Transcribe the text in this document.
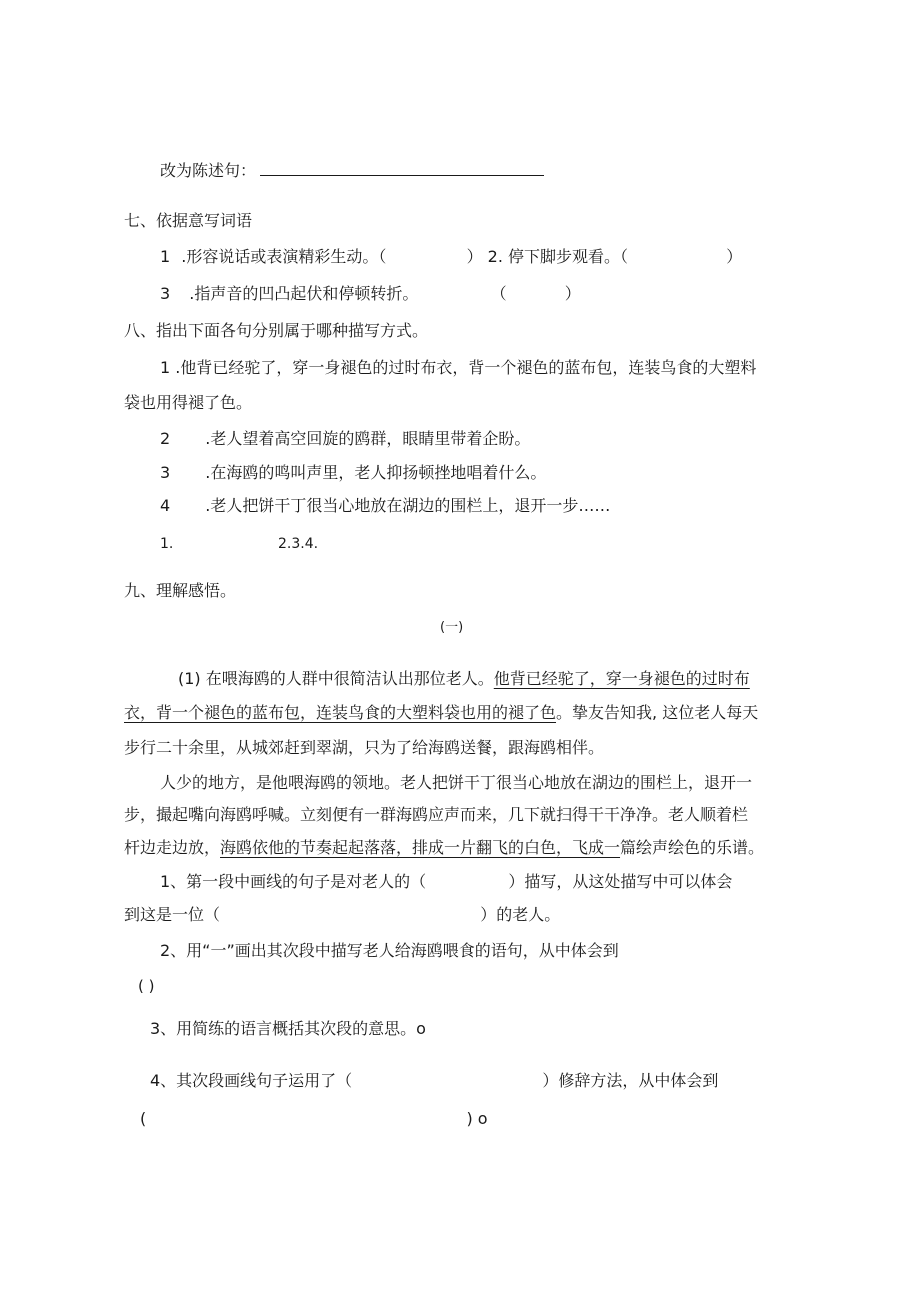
改为陈述句：
七、依据意写词语
1 .形容说话或表演精彩生动。（	） 2. 停下脚步观看。（	）
3 .指声音的凹凸起伏和停顿转折。	（	）
八、指出下面各句分别属于哪种描写方式。
1 .他背已经驼了，穿一身褪色的过时布衣，背一个褪色的蓝布包，连装鸟食的大塑料
袋也用得褪了色。
2 .老人望着高空回旋的鸥群，眼睛里带着企盼。
3 .在海鸥的鸣叫声里，老人抑扬顿挫地唱着什么。
4 .老人把饼干丁很当心地放在湖边的围栏上，退开一步……
1.	2.3.4.
九、理解感悟。
(一)
(1) 在喂海鸥的人群中很简洁认出那位老人。他背已经驼了，穿一身褪色的过时布
衣，背一个褪色的蓝布包，连装鸟食的大塑料袋也用的褪了色。挚友告知我, 这位老人每天
步行二十余里，从城郊赶到翠湖，只为了给海鸥送餐，跟海鸥相伴。
人少的地方，是他喂海鸥的领地。老人把饼干丁很当心地放在湖边的围栏上，退开一
步，撮起嘴向海鸥呼喊。立刻便有一群海鸥应声而来，几下就扫得干干净净。老人顺着栏
杆边走边放，海鸥依他的节奏起起落落，排成一片翻飞的白色，飞成一篇绘声绘色的乐谱。
1、第一段中画线的句子是对老人的（	）描写，从这处描写中可以体会
到这是一位（	）的老人。
2、用“一”画出其次段中描写老人给海鸥喂食的语句，从中体会到
( )
3、用简练的语言概括其次段的意思。o
4、其次段画线句子运用了（	）修辞方法，从中体会到
(	) o
